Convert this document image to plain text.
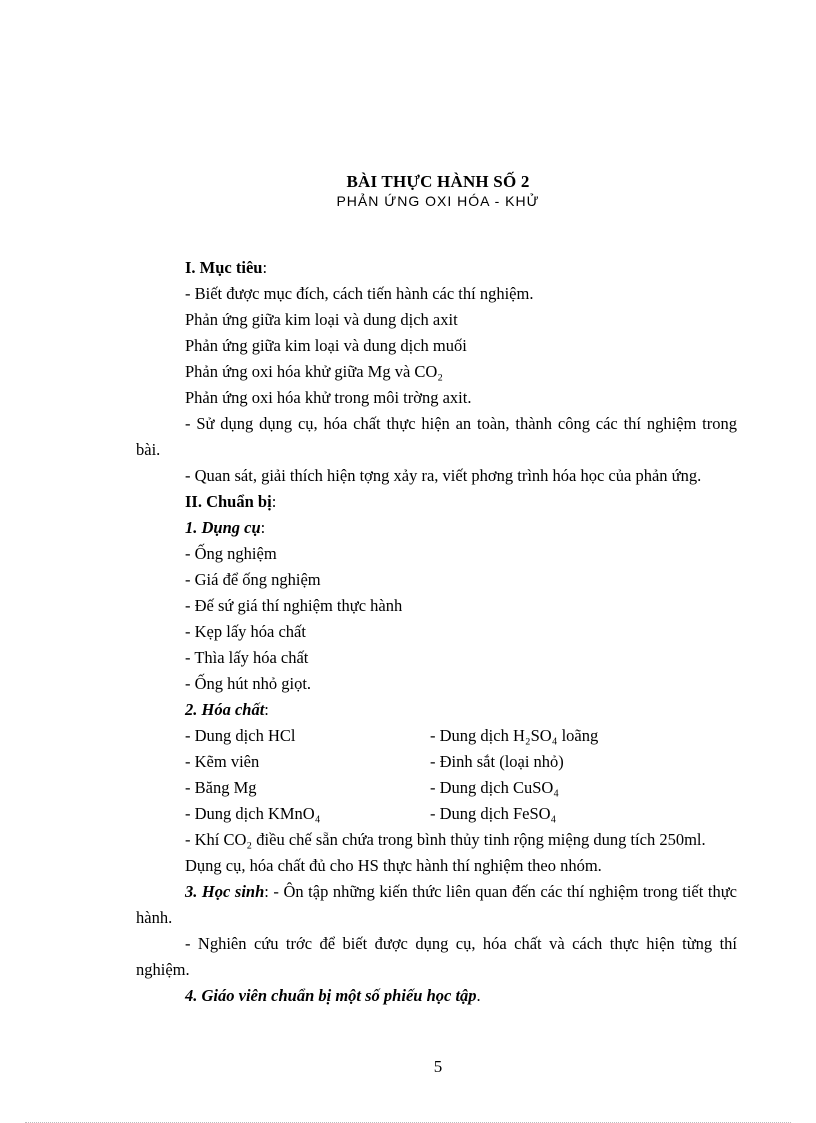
BÀI THỰC HÀNH SỐ 2
PHẢN ỨNG OXI HÓA - KHỬ

I. Mục tiêu:

- Biết được mục đích, cách tiến hành các thí nghiệm.

Phản ứng giữa kim loại và dung dịch axit

Phản ứng giữa kim loại và dung dịch muối

Phản ứng oxi hóa khử giữa Mg và CO₂

Phản ứng oxi hóa khử trong môi trờng axit.

- Sử dụng dụng cụ, hóa chất thực hiện an toàn, thành công các thí nghiệm trong bài.

- Quan sát, giải thích hiện tợng xảy ra, viết phơng trình hóa học của phản ứng.

II. Chuẩn bị:

1. Dụng cụ:

- Ống nghiệm

- Giá để ống nghiệm

- Đế sứ giá thí nghiệm thực hành

- Kẹp lấy hóa chất

- Thìa lấy hóa chất

- Ống hút nhỏ giọt.

2. Hóa chất:

- Dung dịch HCl	- Dung dịch H₂SO₄ loãng
- Kẽm viên	- Đinh sắt (loại nhỏ)
- Băng Mg	- Dung dịch CuSO₄
- Dung dịch KMnO₄	- Dung dịch FeSO₄

- Khí CO₂ điều chế sẵn chứa trong bình thủy tinh rộng miệng dung tích 250ml.

Dụng cụ, hóa chất đủ cho HS thực hành thí nghiệm theo nhóm.

3. Học sinh: - Ôn tập những kiến thức liên quan đến các thí nghiệm trong tiết thực hành.

- Nghiên cứu trớc để biết được dụng cụ, hóa chất và cách thực hiện từng thí nghiệm.

4. Giáo viên chuẩn bị một số phiếu học tập.

5
